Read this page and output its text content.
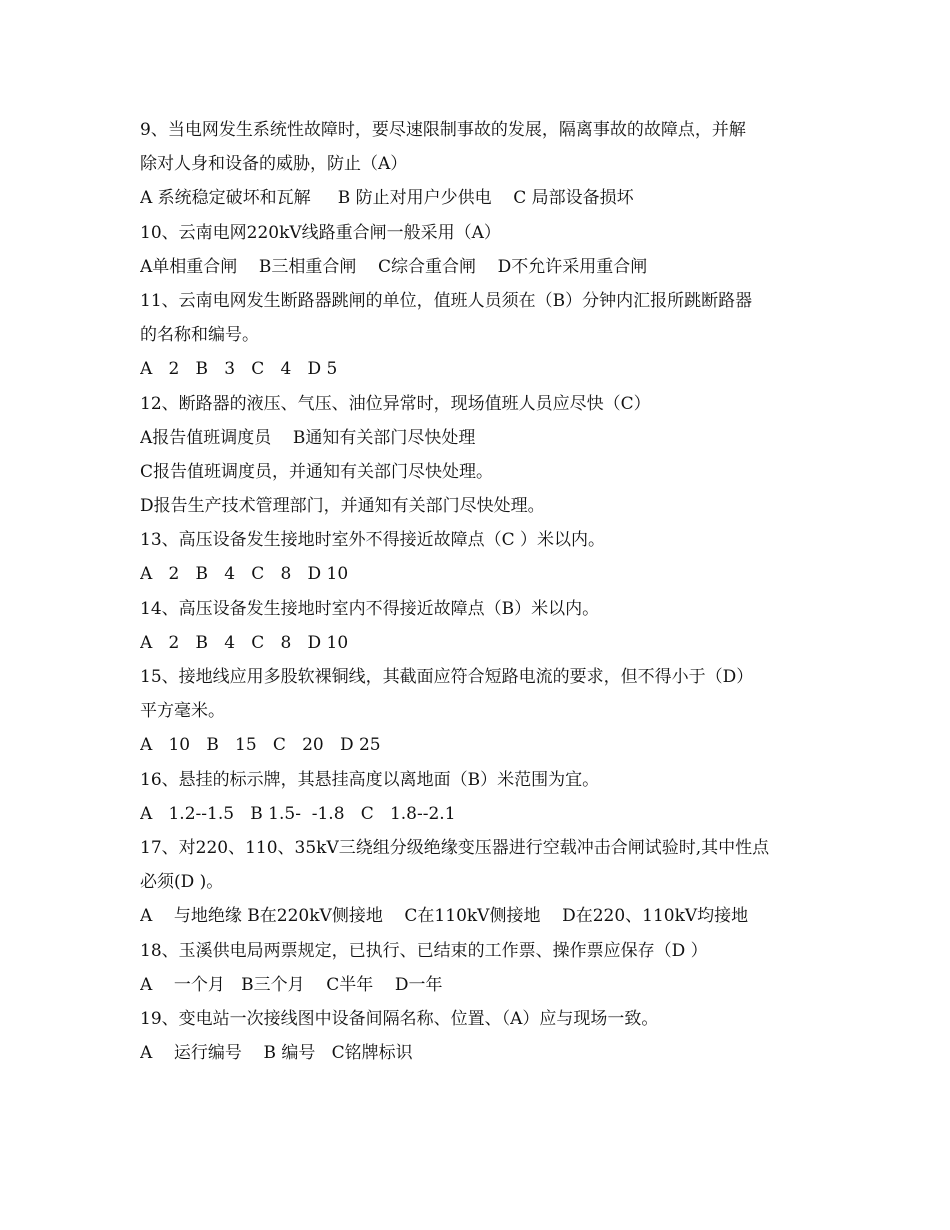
9、当电网发生系统性故障时，要尽速限制事故的发展，隔离事故的故障点，并解
除对人身和设备的威胁，防止（A）
A 系统稳定破坏和瓦解     B 防止对用户少供电    C 局部设备损坏
10、云南电网220kV线路重合闸一般采用（A）
A单相重合闸    B三相重合闸    C综合重合闸    D不允许采用重合闸
11、云南电网发生断路器跳闸的单位，值班人员须在（B）分钟内汇报所跳断路器
的名称和编号。
A   2   B   3   C   4   D 5
12、断路器的液压、气压、油位异常时，现场值班人员应尽快（C）
A报告值班调度员    B通知有关部门尽快处理
C报告值班调度员，并通知有关部门尽快处理。
D报告生产技术管理部门，并通知有关部门尽快处理。
13、高压设备发生接地时室外不得接近故障点（C ）米以内。
A   2   B   4   C   8   D 10
14、高压设备发生接地时室内不得接近故障点（B）米以内。
A   2   B   4   C   8   D 10
15、接地线应用多股软裸铜线，其截面应符合短路电流的要求，但不得小于（D）
平方毫米。
A   10   B   15   C   20   D 25
16、悬挂的标示牌，其悬挂高度以离地面（B）米范围为宜。
A   1.2--1.5   B 1.5-  -1.8   C   1.8--2.1
17、对220、110、35kV三绕组分级绝缘变压器进行空载冲击合闸试验时,其中性点
必须(D )。
A    与地绝缘 B在220kV侧接地    C在110kV侧接地    D在220、110kV均接地
18、玉溪供电局两票规定，已执行、已结束的工作票、操作票应保存（D ）
A    一个月   B三个月    C半年    D一年
19、变电站一次接线图中设备间隔名称、位置、（A）应与现场一致。
A    运行编号    B 编号   C铭牌标识
